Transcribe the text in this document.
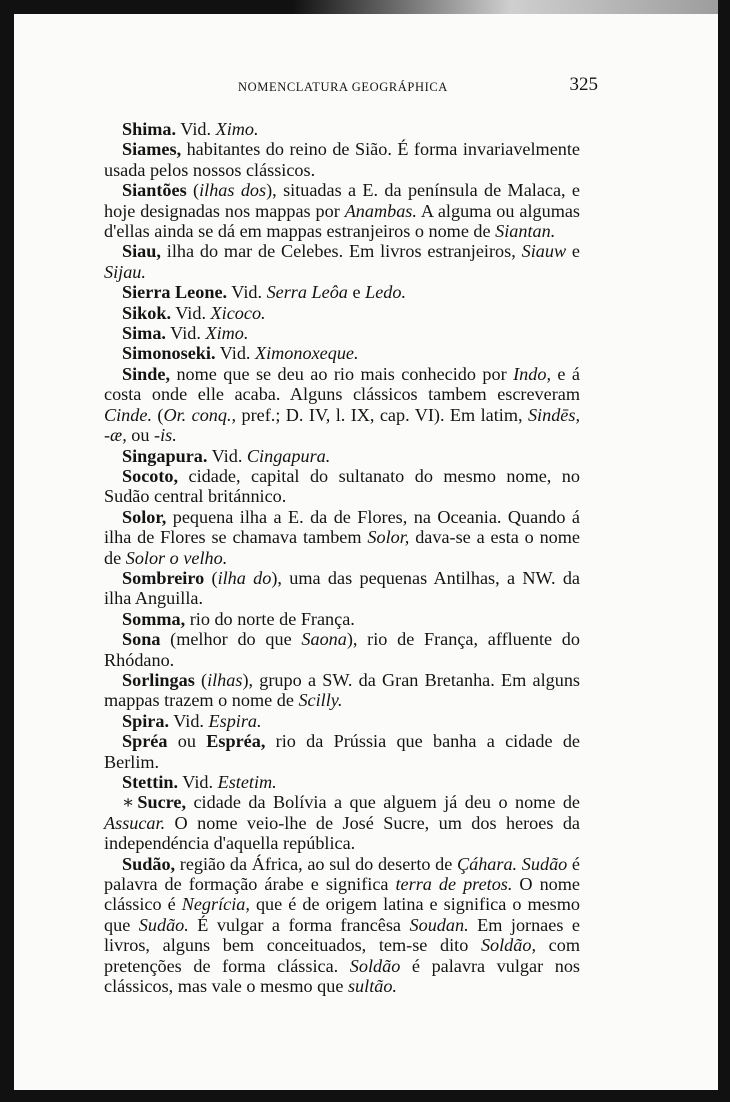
NOMENCLATURA GEOGRÁPHICA	325

Shima. Vid. Ximo.

Siames, habitantes do reino de Sião. É forma invariavelmente usada pelos nossos clássicos.

Siantões (ilhas dos), situadas a E. da península de Malaca, e hoje designadas nos mappas por Anambas. A alguma ou algumas d'ellas ainda se dá em mappas estranjeiros o nome de Siantan.

Siau, ilha do mar de Celebes. Em livros estranjeiros, Siauw e Sijau.

Sierra Leone. Vid. Serra Leôa e Ledo.

Sikok. Vid. Xicoco.

Sima. Vid. Ximo.

Simonoseki. Vid. Ximonoxeque.

Sinde, nome que se deu ao rio mais conhecido por Indo, e á costa onde elle acaba. Alguns clássicos tambem escreveram Cinde. (Or. conq., pref.; D. IV, l. IX, cap. VI). Em latim, Sindēs, -æ, ou -is.

Singapura. Vid. Cingapura.

Socoto, cidade, capital do sultanato do mesmo nome, no Sudão central británnico.

Solor, pequena ilha a E. da de Flores, na Oceania. Quando á ilha de Flores se chamava tambem Solor, dava-se a esta o nome de Solor o velho.

Sombreiro (ilha do), uma das pequenas Antilhas, a NW. da ilha Anguilla.

Somma, rio do norte de França.

Sona (melhor do que Saona), rio de França, affluente do Rhódano.

Sorlingas (ilhas), grupo a SW. da Gran Bretanha. Em alguns mappas trazem o nome de Scilly.

Spira. Vid. Espira.

Spréa ou Espréa, rio da Prússia que banha a cidade de Berlim.

Stettin. Vid. Estetim.

∗ Sucre, cidade da Bolívia a que alguem já deu o nome de Assucar. O nome veio-lhe de José Sucre, um dos heroes da independéncia d'aquella república.

Sudão, região da África, ao sul do deserto de Çáhara. Sudão é palavra de formação árabe e significa terra de pretos. O nome clássico é Negrícia, que é de origem latina e significa o mesmo que Sudão. É vulgar a forma francêsa Soudan. Em jornaes e livros, alguns bem conceituados, tem-se dito Soldão, com pretenções de forma clássica. Soldão é palavra vulgar nos clássicos, mas vale o mesmo que sultão.
